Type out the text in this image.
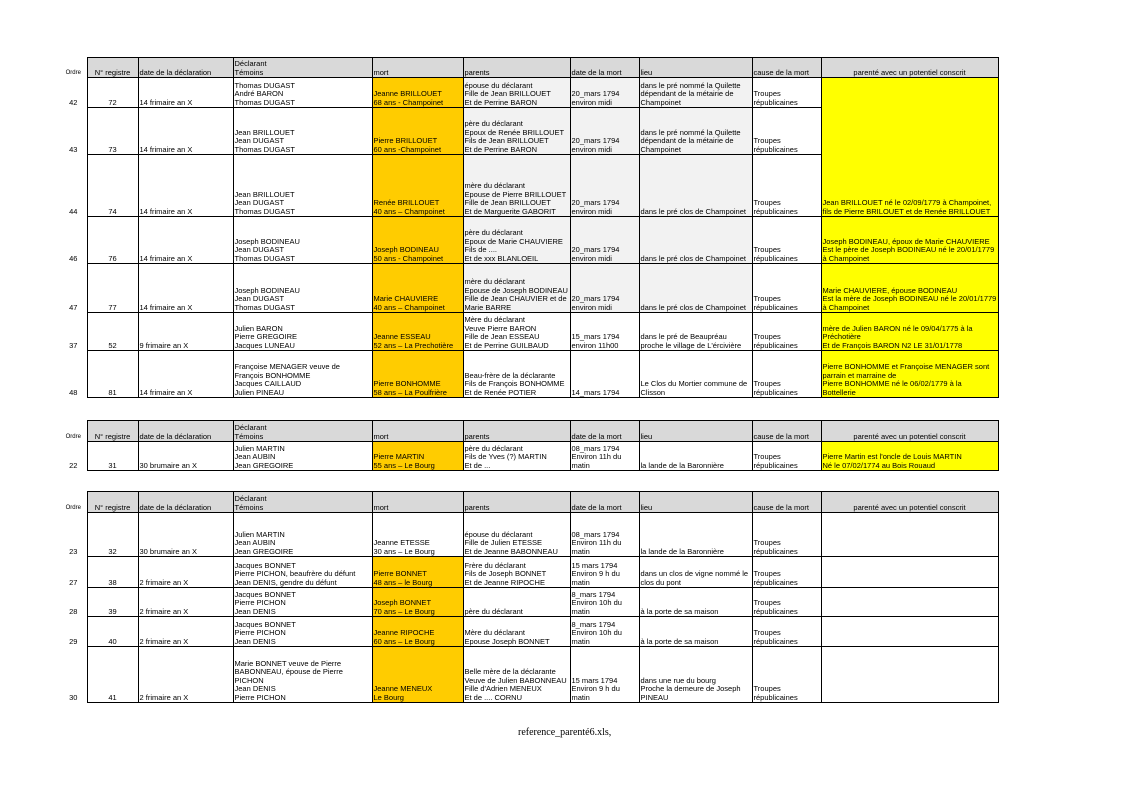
Ordre	N° registre	date de la déclaration	Déclarant
Témoins	mort	parents	date de la mort	lieu	cause de la mort	parenté avec un potentiel conscrit
42	72	14 frimaire an X	Thomas DUGAST
André BARON
Thomas DUGAST	Jeanne BRILLOUET
68 ans - Champoinet	épouse du déclarant
Fille de Jean BRILLOUET
Et de Perrine BARON	20_mars 1794
environ midi	dans le pré nommé la Quilette dépendant de la métairie de Champoinet	Troupes républicaines	Jean BRILLOUET né le 02/09/1779 à Champoinet, fils de Pierre BRILOUET et de Renée BRILLOUET
43	73	14 frimaire an X	Jean BRILLOUET
Jean DUGAST
Thomas DUGAST	Pierre BRILLOUET
60 ans -Champoinet	père du déclarant
Epoux de Renée BRILLOUET
Fils de Jean BRILLOUET
Et de Perrine BARON	20_mars 1794
environ midi	dans le pré nommé la Quilette dépendant de la métairie de Champoinet	Troupes républicaines	
44	74	14 frimaire an X	Jean BRILLOUET
Jean DUGAST
Thomas DUGAST	Renée BRILLOUET
40 ans – Champoinet	mère du déclarant
Epouse de Pierre BRILLOUET
Fille de Jean BRILLOUET
Et de Marguerite GABORIT	20_mars 1794
environ midi	dans le pré clos de Champoinet	Troupes républicaines	
46	76	14 frimaire an X	Joseph BODINEAU
Jean DUGAST
Thomas DUGAST	Joseph BODINEAU
50 ans - Champoinet	père du déclarant
Epoux de Marie CHAUVIERE
Fils de ....
Et de xxx BLANLOEIL	20_mars 1794
environ midi	dans le pré clos de Champoinet	Troupes républicaines	Joseph BODINEAU, époux de Marie CHAUVIERE
Est le père de Joseph BODINEAU né le 20/01/1779 à Champoinet
47	77	14 frimaire an X	Joseph BODINEAU
Jean DUGAST
Thomas DUGAST	Marie CHAUVIERE
40 ans – Champoinet	mère du déclarant
Epouse de Joseph BODINEAU
Fille de Jean CHAUVIER et de Marie BARRE	20_mars 1794
environ midi	dans le pré clos de Champoinet	Troupes républicaines	Marie CHAUVIERE, épouse BODINEAU
Est la mère de Joseph BODINEAU né le 20/01/1779 à Champoinet
37	52	9 frimaire an X	Julien BARON
Pierre GREGOIRE
Jacques LUNEAU	Jeanne ESSEAU
52 ans – La Prechotière	Mère du déclarant
Veuve Pierre BARON
Fille de Jean ESSEAU
Et de Perrine GUILBAUD	15_mars 1794
environ 11h00	dans le pré de Beaupréau proche le village de L'ércivière	Troupes républicaines	mère de Julien BARON né le 09/04/1775 à la Préchotière
Et de François BARON N2 LE 31/01/1778
48	81	14 frimaire an X	Françoise MENAGER veuve de François BONHOMME
Jacques CAILLAUD
Julien PINEAU	Pierre BONHOMME
58 ans – La Poulfrière	Beau-frère de la déclarante
Fils de François BONHOMME
Et de Renée POTIER	14_mars 1794	Le Clos du Mortier commune de Clisson	Troupes républicaines	Pierre BONHOMME et Françoise MENAGER sont parrain et marraine de
Pierre BONHOMME né le 06/02/1779 à la Bottellerie
Ordre	N° registre	date de la déclaration	Déclarant
Témoins	mort	parents	date de la mort	lieu	cause de la mort	parenté avec un potentiel conscrit
22	31	30 brumaire an X	Julien MARTIN
Jean AUBIN
Jean GREGOIRE	Pierre MARTIN
55 ans – Le Bourg	père du déclarant
Fils de Yves (?) MARTIN
Et de ...	08_mars 1794
Environ 11h du matin	la lande de la Baronnière	Troupes républicaines	Pierre Martin est l'oncle de Louis MARTIN
Né le 07/02/1774 au Bois Rouaud
Ordre	N° registre	date de la déclaration	Déclarant
Témoins	mort	parents	date de la mort	lieu	cause de la mort	parenté avec un potentiel conscrit
23	32	30 brumaire an X	Julien MARTIN
Jean AUBIN
Jean GREGOIRE	Jeanne ETESSE
30 ans – Le Bourg	épouse du déclarant
Fille de Julien ETESSE
Et de Jeanne BABONNEAU	08_mars 1794
Environ 11h du matin	la lande de la Baronnière	Troupes républicaines	
27	38	2 frimaire an X	Jacques BONNET
Pierre PICHON, beaufrère du défunt
Jean DENIS, gendre du défunt	Pierre BONNET
48 ans – le Bourg	Frère du déclarant
Fils de Joseph BONNET
Et de Jeanne RIPOCHE	15 mars 1794
Environ 9 h du matin	dans un clos de vigne nommé le clos du pont	Troupes républicaines	
28	39	2 frimaire an X	Jacques BONNET
Pierre PICHON
Jean DENIS	Joseph BONNET
70 ans – Le Bourg	père du déclarant	8_mars 1794
Environ 10h du matin	à la porte de sa maison	Troupes républicaines	
29	40	2 frimaire an X	Jacques BONNET
Pierre PICHON
Jean DENIS	Jeanne RIPOCHE
60 ans – Le Bourg	Mère du déclarant
Epouse Joseph BONNET	8_mars 1794
Environ 10h du matin	à la porte de sa maison	Troupes républicaines	
30	41	2 frimaire an X	Marie BONNET veuve de Pierre BABONNEAU, épouse de Pierre PICHON
Jean DENIS
Pierre PICHON	Jeanne MENEUX
Le Bourg	Belle mère de la déclarante
Veuve de Julien BABONNEAU
Fille d'Adrien MENEUX
Et de .... CORNU	15 mars 1794
Environ 9 h du matin	dans une rue du bourg
Proche la demeure de Joseph PINEAU	Troupes républicaines	
reference_parenté6.xls,
